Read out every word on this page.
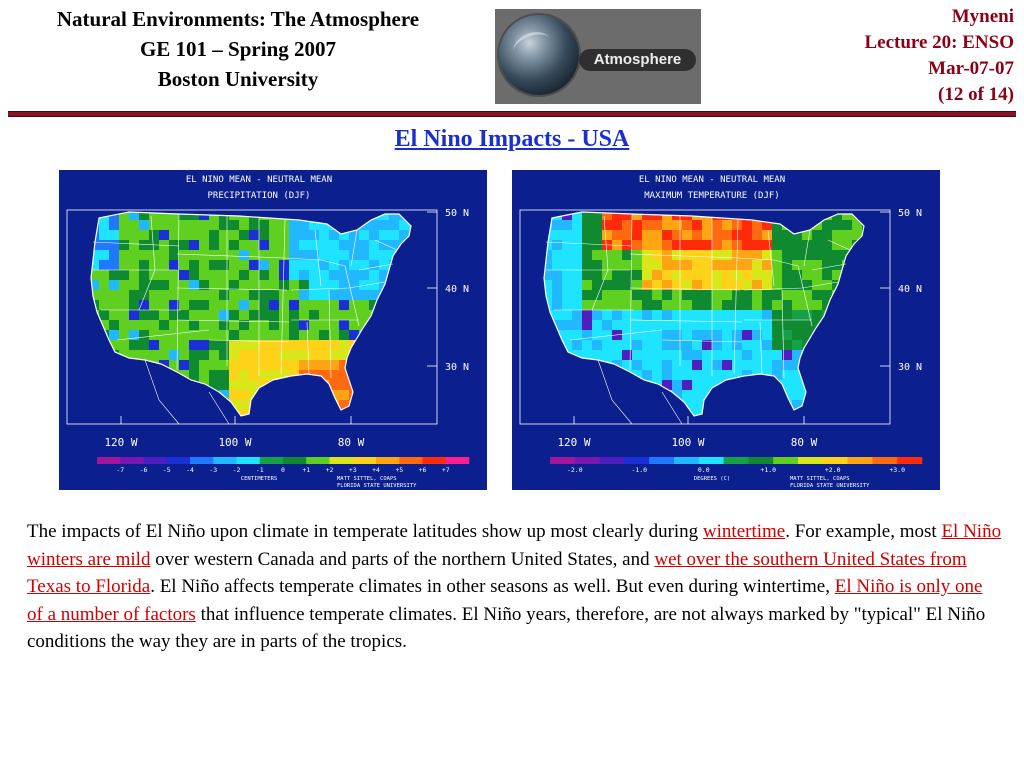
Natural Environments: The Atmosphere
GE 101 – Spring 2007
Boston University
Atmosphere
Myneni
Lecture 20: ENSO
Mar-07-07
(12 of 14)
El Nino Impacts - USA
EL NINO MEAN - NEUTRAL MEAN
PRECIPITATION (DJF)
50 N
40 N
30 N
120 W	100 W	80 W
-7 -6 -5 -4 -3 -2 -1	0	+1 +2 +3 +4 +5 +6 +7
CENTIMETERS	MATT SITTEL, COAPS
FLORIDA STATE UNIVERSITY
EL NINO MEAN - NEUTRAL MEAN
MAXIMUM TEMPERATURE (DJF)
50 N
40 N
30 N
120 W	100 W	80 W
-2.0	-1.0	0.0	+1.0	+2.0	+3.0
DEGREES (C)	MATT SITTEL, COAPS
FLORIDA STATE UNIVERSITY
The impacts of El Niño upon climate in temperate latitudes show up most clearly during wintertime. For example, most El Niño winters are mild over western Canada and parts of the northern United States, and wet over the southern United States from Texas to Florida. El Niño affects temperate climates in other seasons as well. But even during wintertime, El Niño is only one of a number of factors that influence temperate climates. El Niño years, therefore, are not always marked by "typical" El Niño conditions the way they are in parts of the tropics.
